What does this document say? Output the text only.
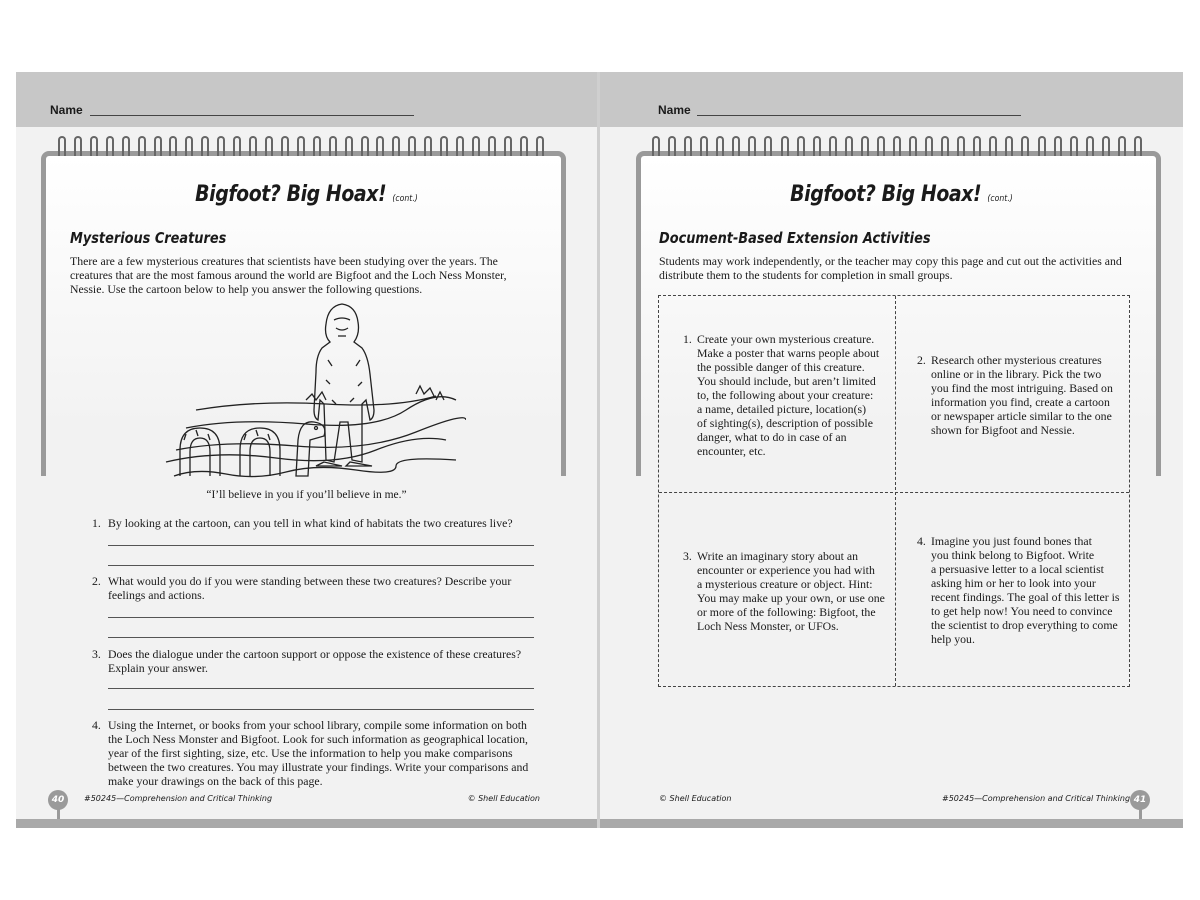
Name
Bigfoot? Big Hoax! (cont.)
Mysterious Creatures
There are a few mysterious creatures that scientists have been studying over the years. The
creatures that are the most famous around the world are Bigfoot and the Loch Ness Monster,
Nessie. Use the cartoon below to help you answer the following questions.
“I’ll believe in you if you’ll believe in me.”
1. By looking at the cartoon, can you tell in what kind of habitats the two creatures live?
2. What would you do if you were standing between these two creatures? Describe your
feelings and actions.
3. Does the dialogue under the cartoon support or oppose the existence of these creatures?
Explain your answer.
4. Using the Internet, or books from your school library, compile some information on both
the Loch Ness Monster and Bigfoot. Look for such information as geographical location,
year of the first sighting, size, etc. Use the information to help you make comparisons
between the two creatures. You may illustrate your findings. Write your comparisons and
make your drawings on the back of this page.
40	#50245—Comprehension and Critical Thinking	© Shell Education
Name
Bigfoot? Big Hoax! (cont.)
Document-Based Extension Activities
Students may work independently, or the teacher may copy this page and cut out the activities and
distribute them to the students for completion in small groups.
1. Create your own mysterious creature.
Make a poster that warns people about
the possible danger of this creature.
You should include, but aren’t limited
to, the following about your creature:
a name, detailed picture, location(s)
of sighting(s), description of possible
danger, what to do in case of an
encounter, etc.
2. Research other mysterious creatures
online or in the library. Pick the two
you find the most intriguing. Based on
information you find, create a cartoon
or newspaper article similar to the one
shown for Bigfoot and Nessie.
3. Write an imaginary story about an
encounter or experience you had with
a mysterious creature or object. Hint:
You may make up your own, or use one
or more of the following: Bigfoot, the
Loch Ness Monster, or UFOs.
4. Imagine you just found bones that
you think belong to Bigfoot. Write
a persuasive letter to a local scientist
asking him or her to look into your
recent findings. The goal of this letter is
to get help now! You need to convince
the scientist to drop everything to come
help you.
© Shell Education	#50245—Comprehension and Critical Thinking 41
